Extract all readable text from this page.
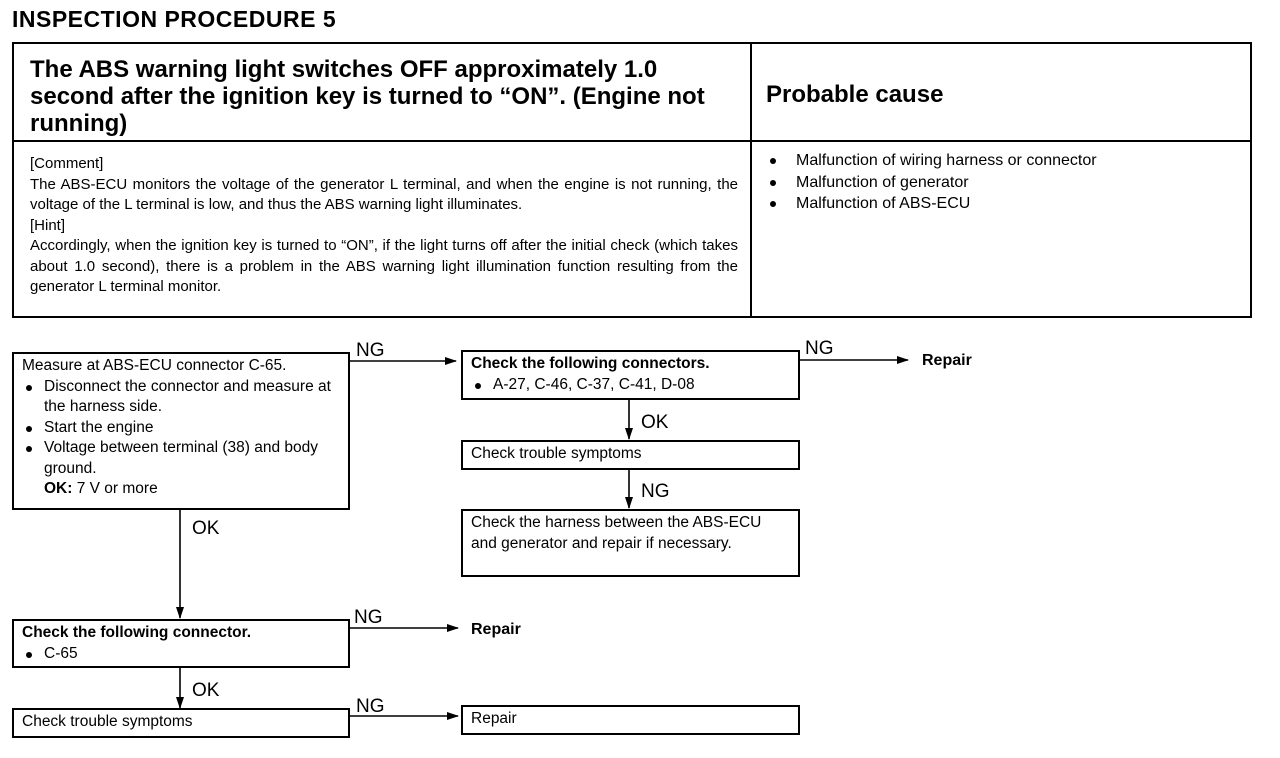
INSPECTION PROCEDURE 5
The ABS warning light switches OFF approximately 1.0 second after the ignition key is turned to “ON”. (Engine not running)
Probable cause
[Comment]
The ABS-ECU monitors the voltage of the generator L terminal, and when the engine is not running, the voltage of the L terminal is low, and thus the ABS warning light illuminates.
[Hint]
Accordingly, when the ignition key is turned to “ON”, if the light turns off after the initial check (which takes about 1.0 second), there is a problem in the ABS warning light illumination function resulting from the generator L terminal monitor.
Malfunction of wiring harness or connector
Malfunction of generator
Malfunction of ABS-ECU
Measure at ABS-ECU connector C-65.
Disconnect the connector and measure at the harness side.
Start the engine
Voltage between terminal (38) and body ground.
OK: 7 V or more
Check the following connectors.
A-27, C-46, C-37, C-41, D-08
Check trouble symptoms
Check the harness between the ABS-ECU and generator and repair if necessary.
Check the following connector.
C-65
Check trouble symptoms	Repair
NG	NG
Repair
OK
NG
OK
NG
Repair
OK
NG
